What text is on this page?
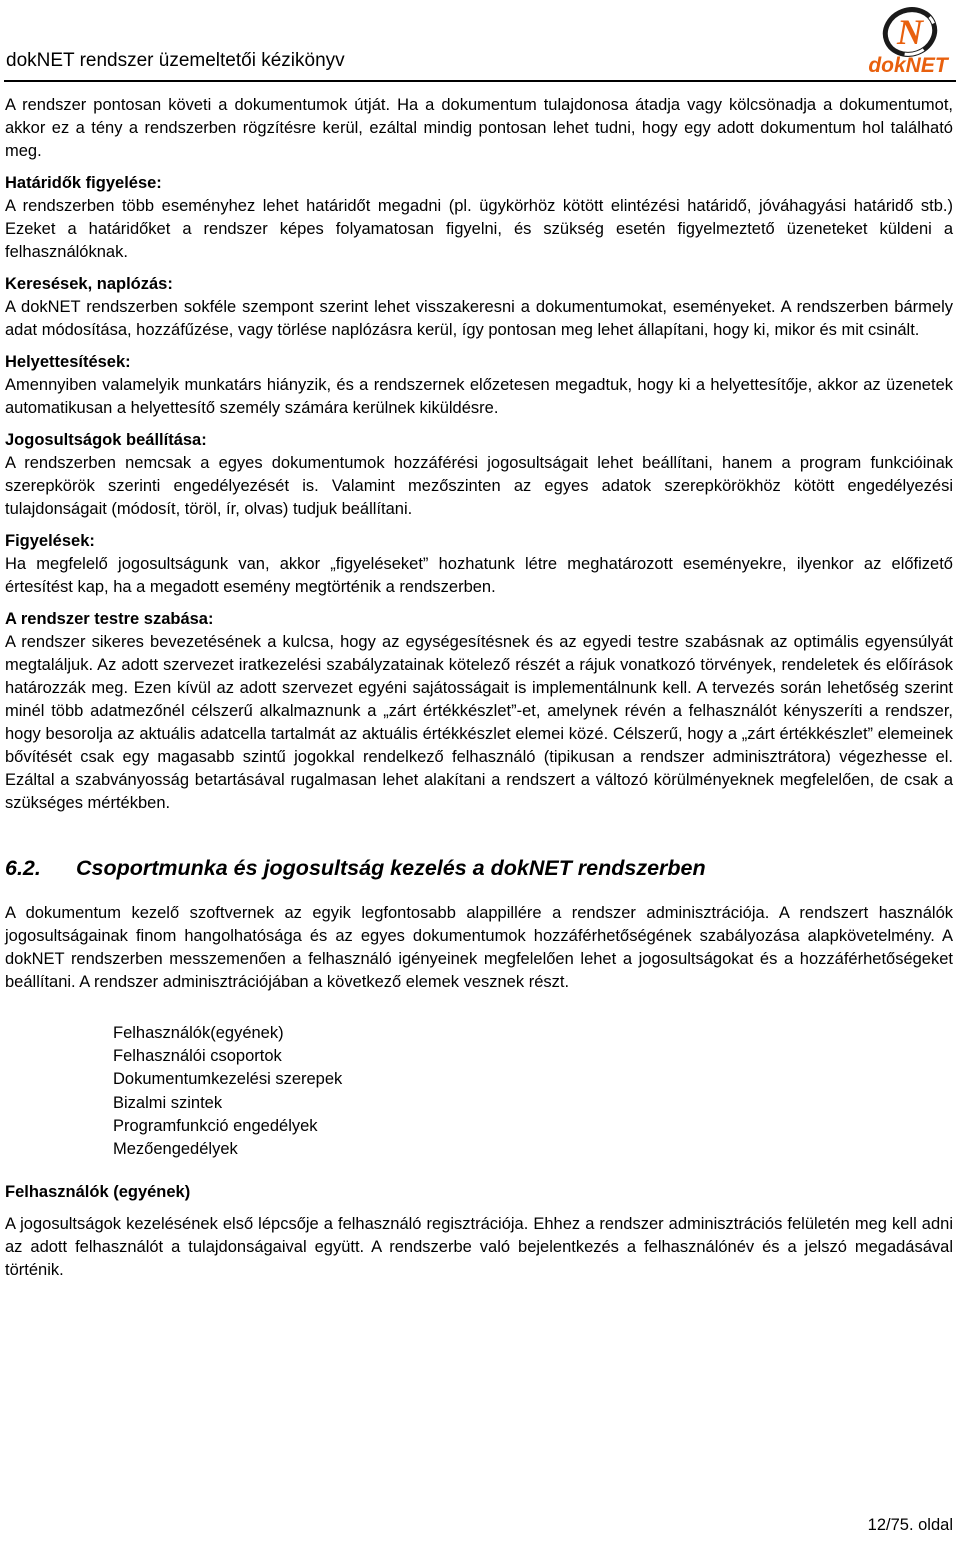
dokNET rendszer üzemeltetői kézikönyv
N
dokNET

A rendszer pontosan követi a dokumentumok útját. Ha a dokumentum tulajdonosa átadja vagy kölcsönadja a dokumentumot, akkor ez a tény a rendszerben rögzítésre kerül, ezáltal mindig pontosan lehet tudni, hogy egy adott dokumentum hol található meg.

Határidők figyelése:

A rendszerben több eseményhez lehet határidőt megadni (pl. ügykörhöz kötött elintézési határidő, jóváhagyási határidő stb.) Ezeket a határidőket a rendszer képes folyamatosan figyelni, és szükség esetén figyelmeztető üzeneteket küldeni a felhasználóknak.

Keresések, naplózás:

A dokNET rendszerben sokféle szempont szerint lehet visszakeresni a dokumentumokat, eseményeket. A rendszerben bármely adat módosítása, hozzáfűzése, vagy törlése naplózásra kerül, így pontosan meg lehet állapítani, hogy ki, mikor és mit csinált.

Helyettesítések:

Amennyiben valamelyik munkatárs hiányzik, és a rendszernek előzetesen megadtuk, hogy ki a helyettesítője, akkor az üzenetek automatikusan a helyettesítő személy számára kerülnek kiküldésre.

Jogosultságok beállítása:

A rendszerben nemcsak a egyes dokumentumok hozzáférési jogosultságait lehet beállítani, hanem a program funkcióinak szerepkörök szerinti engedélyezését is. Valamint mezőszinten az egyes adatok szerepkörökhöz kötött engedélyezési tulajdonságait (módosít, töröl, ír, olvas) tudjuk beállítani.

Figyelések:

Ha megfelelő jogosultságunk van, akkor „figyeléseket” hozhatunk létre meghatározott eseményekre, ilyenkor az előfizető értesítést kap, ha a megadott esemény megtörténik a rendszerben.

A rendszer testre szabása:

A rendszer sikeres bevezetésének a kulcsa, hogy az egységesítésnek és az egyedi testre szabásnak az optimális egyensúlyát megtaláljuk. Az adott szervezet iratkezelési szabályzatainak kötelező részét a rájuk vonatkozó törvények, rendeletek és előírások határozzák meg. Ezen kívül az adott szervezet egyéni sajátosságait is implementálnunk kell. A tervezés során lehetőség szerint minél több adatmezőnél célszerű alkalmaznunk a „zárt értékkészlet”-et, amelynek révén a felhasználót kényszeríti a rendszer, hogy besorolja az aktuális adatcella tartalmát az aktuális értékkészlet elemei közé. Célszerű, hogy a „zárt értékkészlet” elemeinek bővítését csak egy magasabb szintű jogokkal rendelkező felhasználó (tipikusan a rendszer adminisztrátora) végezhesse el. Ezáltal a szabványosság betartásával rugalmasan lehet alakítani a rendszert a változó körülményeknek megfelelően, de csak a szükséges mértékben.

6.2. Csoportmunka és jogosultság kezelés a dokNET rendszerben

A dokumentum kezelő szoftvernek az egyik legfontosabb alappillére a rendszer adminisztrációja. A rendszert használók jogosultságainak finom hangolhatósága és az egyes dokumentumok hozzáférhetőségének szabályozása alapkövetelmény. A dokNET rendszerben messzemenően a felhasználó igényeinek megfelelően lehet a jogosultságokat és a hozzáférhetőségeket beállítani. A rendszer adminisztrációjában a következő elemek vesznek részt.

Felhasználók(egyének)
Felhasználói csoportok
Dokumentumkezelési szerepek
Bizalmi szintek
Programfunkció engedélyek
Mezőengedélyek

Felhasználók (egyének)

A jogosultságok kezelésének első lépcsője a felhasználó regisztrációja. Ehhez a rendszer adminisztrációs felületén meg kell adni az adott felhasználót a tulajdonságaival együtt. A rendszerbe való bejelentkezés a felhasználónév és a jelszó megadásával történik.

12/75. oldal
